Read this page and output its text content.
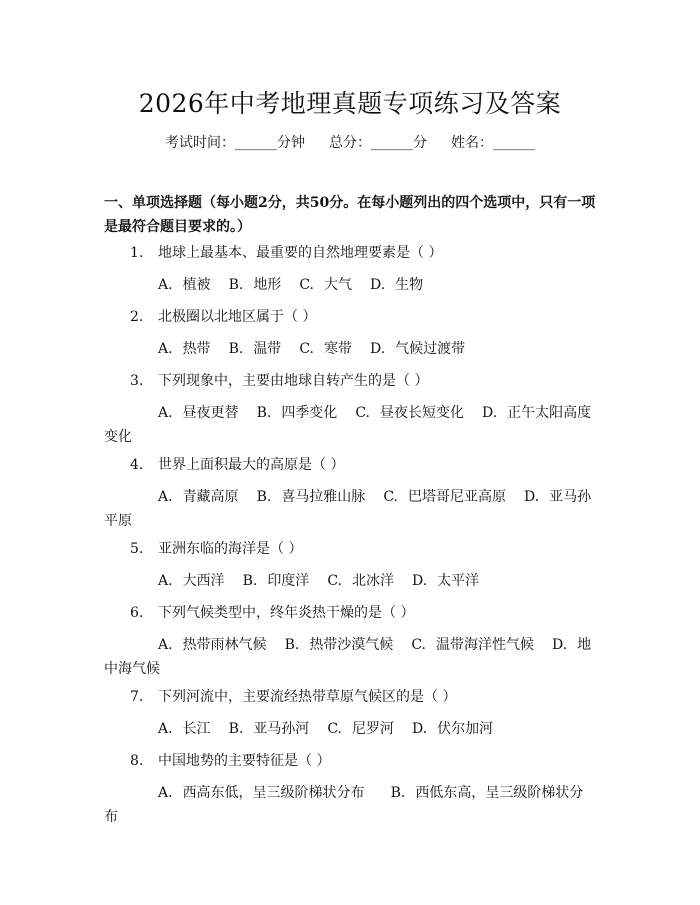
2026年中考地理真题专项练习及答案
考试时间：______分钟 总分：______分 姓名：______
一、单项选择题（每小题2分，共50分。在每小题列出的四个选项中，只有一项是最符合题目要求的。）
1. 地球上最基本、最重要的自然地理要素是（ ）
A. 植被 B. 地形 C. 大气 D. 生物
2. 北极圈以北地区属于（ ）
A. 热带 B. 温带 C. 寒带 D. 气候过渡带
3. 下列现象中，主要由地球自转产生的是（ ）
A. 昼夜更替 B. 四季变化 C. 昼夜长短变化 D. 正午太阳高度变化
4. 世界上面积最大的高原是（ ）
A. 青藏高原 B. 喜马拉雅山脉 C. 巴塔哥尼亚高原 D. 亚马孙平原
5. 亚洲东临的海洋是（ ）
A. 大西洋 B. 印度洋 C. 北冰洋 D. 太平洋
6. 下列气候类型中，终年炎热干燥的是（ ）
A. 热带雨林气候 B. 热带沙漠气候 C. 温带海洋性气候 D. 地中海气候
7. 下列河流中，主要流经热带草原气候区的是（ ）
A. 长江 B. 亚马孙河 C. 尼罗河 D. 伏尔加河
8. 中国地势的主要特征是（ ）
A. 西高东低，呈三级阶梯状分布 B. 西低东高，呈三级阶梯状分布
